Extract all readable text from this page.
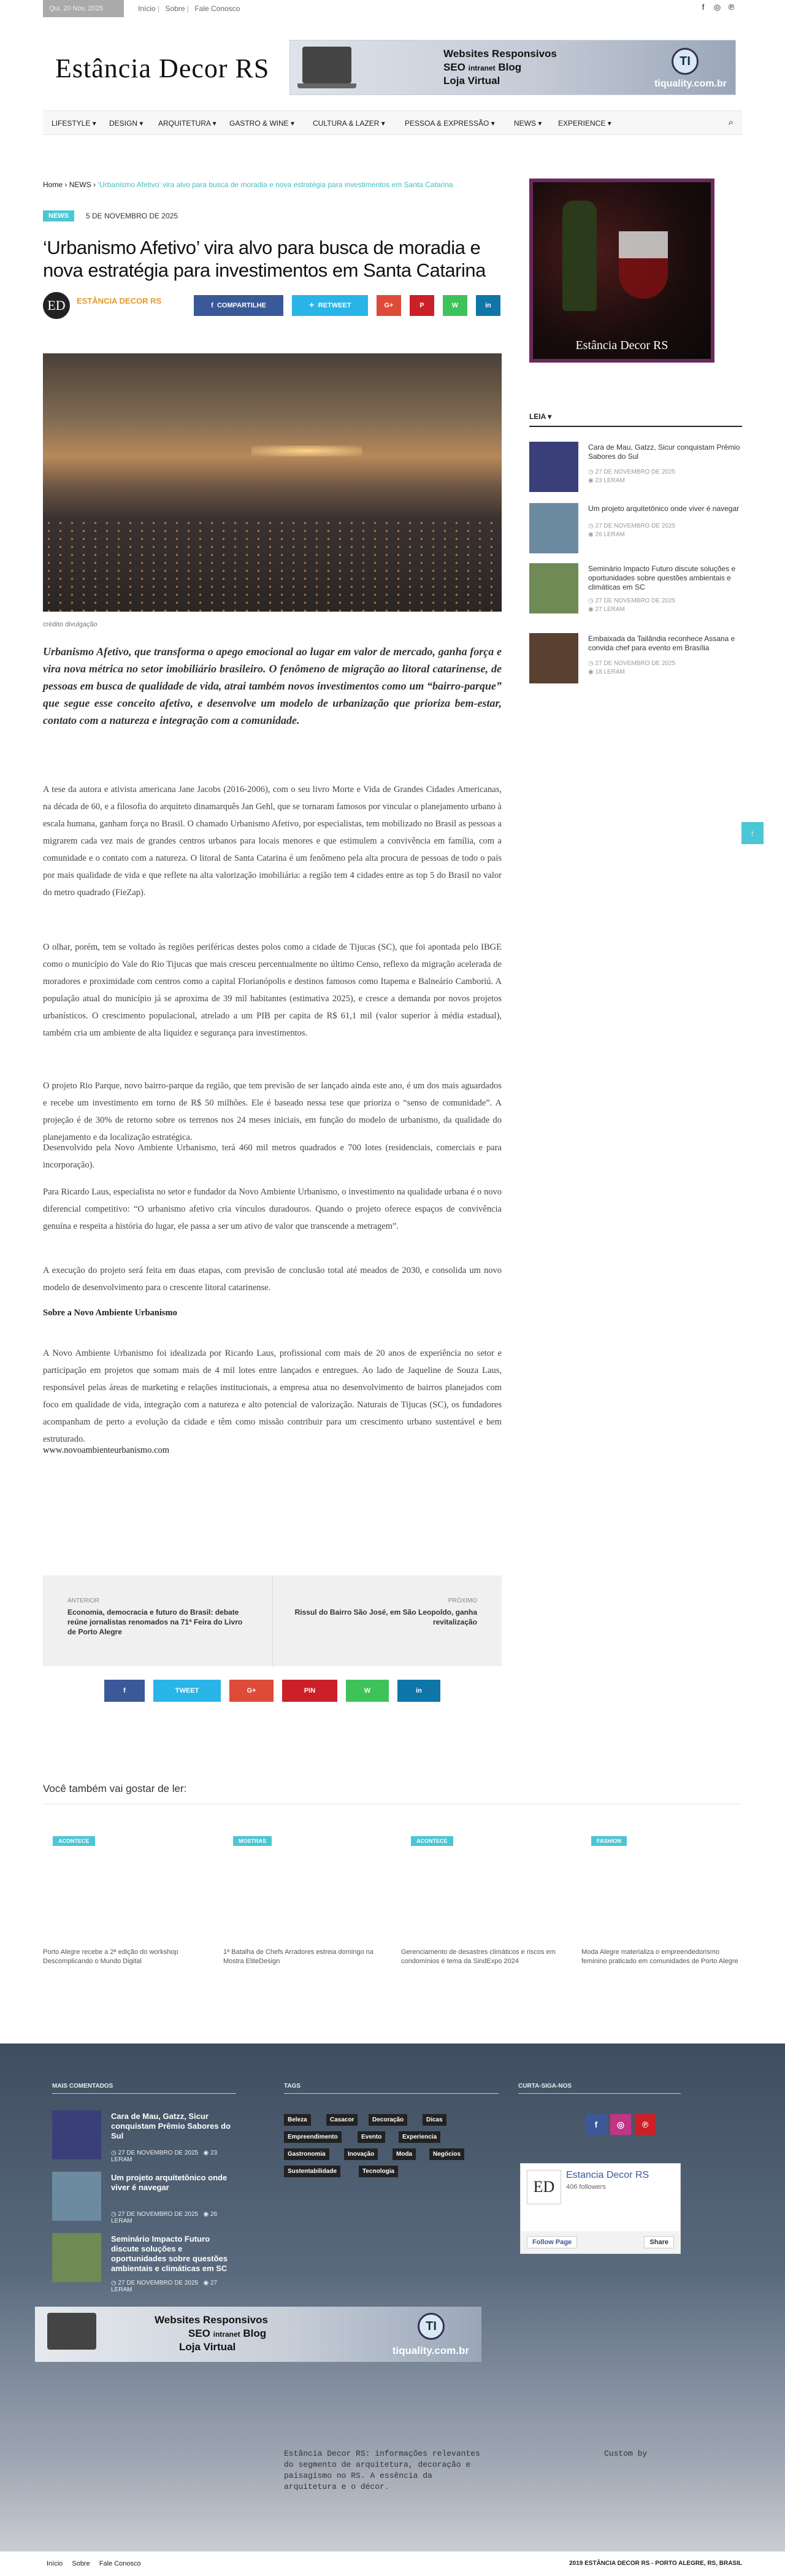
Qui, 20 Nov, 2025	Início | Sobre | Fale Conosco	f	◎ ℗
Estância Decor RS	Websites Responsivos
SEO intranet Blog
Loja Virtual
TI
tiquality.com.br
LIFESTYLE ▾ DESIGN ▾ ARQUITETURA ▾ GASTRO & WINE ▾ CULTURA & LAZER ▾	PESSOA & EXPRESSÃO ▾	NEWS ▾ EXPERIENCE ▾	⌕
Home › NEWS › ‘Urbanismo Afetivo’ vira alvo para busca de moradia e nova estratégia para investimentos em Santa Catarina
NEWS	5 DE NOVEMBRO DE 2025
‘Urbanismo Afetivo’ vira alvo para busca de moradia e nova estratégia para investimentos em Santa Catarina
ED	ESTÂNCIA DECOR RS	f  COMPARTILHE	✦  RETWEET	G+	P	W	in
crédito divulgação

Urbanismo Afetivo, que transforma o apego emocional ao lugar em valor de mercado, ganha força e vira nova métrica no setor imobiliário brasileiro. O fenômeno de migração ao litoral catarinense, de pessoas em busca de qualidade de vida, atrai também novos investimentos como um “bairro-parque” que segue esse conceito afetivo, e desenvolve um modelo de urbanização que prioriza bem-estar, contato com a natureza e integração com a comunidade.

A tese da autora e ativista americana Jane Jacobs (2016-2006), com o seu livro Morte e Vida de Grandes Cidades Americanas, na década de 60, e a filosofia do arquiteto dinamarquês Jan Gehl, que se tornaram famosos por vincular o planejamento urbano à escala humana, ganham força no Brasil. O chamado Urbanismo Afetivo, por especialistas, tem mobilizado no Brasil as pessoas a migrarem cada vez mais de grandes centros urbanos para locais menores e que estimulem a convivência em família, com a comunidade e o contato com a natureza. O litoral de Santa Catarina é um fenômeno pela alta procura de pessoas de todo o país por mais qualidade de vida e que reflete na alta valorização imobiliária: a região tem 4 cidades entre as top 5 do Brasil no valor do metro quadrado (FieZap).

O olhar, porém, tem se voltado às regiões periféricas destes polos como a cidade de Tijucas (SC), que foi apontada pelo IBGE como o município do Vale do Rio Tijucas que mais cresceu percentualmente no último Censo, reflexo da migração acelerada de moradores e proximidade com centros como a capital Florianópolis e destinos famosos como Itapema e Balneário Camboriú. A população atual do município já se aproxima de 39 mil habitantes (estimativa 2025), e cresce a demanda por novos projetos urbanísticos. O crescimento populacional, atrelado a um PIB per capita de R$ 61,1 mil (valor superior à média estadual), também cria um ambiente de alta liquidez e segurança para investimentos.

O projeto Rio Parque, novo bairro-parque da região, que tem previsão de ser lançado ainda este ano, é um dos mais aguardados e recebe um investimento em torno de R$ 50 milhões. Ele é baseado nessa tese que prioriza o “senso de comunidade”. A projeção é de 30% de retorno sobre os terrenos nos 24 meses iniciais, em função do modelo de urbanismo, da qualidade do planejamento e da localização estratégica.

Desenvolvido pela Novo Ambiente Urbanismo, terá 460 mil metros quadrados e 700 lotes (residenciais, comerciais e para incorporação).

Para Ricardo Laus, especialista no setor e fundador da Novo Ambiente Urbanismo, o investimento na qualidade urbana é o novo diferencial competitivo: “O urbanismo afetivo cria vínculos duradouros. Quando o projeto oferece espaços de convivência genuína e respeita a história do lugar, ele passa a ser um ativo de valor que transcende a metragem”.

A execução do projeto será feita em duas etapas, com previsão de conclusão total até meados de 2030, e consolida um novo modelo de desenvolvimento para o crescente litoral catarinense.

Sobre a Novo Ambiente Urbanismo

A Novo Ambiente Urbanismo foi idealizada por Ricardo Laus, profissional com mais de 20 anos de experiência no setor e participação em projetos que somam mais de 4 mil lotes entre lançados e entregues. Ao lado de Jaqueline de Souza Laus, responsável pelas áreas de marketing e relações institucionais, a empresa atua no desenvolvimento de bairros planejados com foco em qualidade de vida, integração com a natureza e alto potencial de valorização. Naturais de Tijucas (SC), os fundadores acompanham de perto a evolução da cidade e têm como missão contribuir para um crescimento urbano sustentável e bem estruturado.

www.novoambienteurbanismo.com
ANTERIOR
Economia, democracia e futuro do Brasil: debate reúne jornalistas renomados na 71ª Feira do Livro de Porto Alegre
PRÓXIMO
Rissul do Bairro São José, em São Leopoldo, ganha revitalização
f	TWEET	G+	PIN	W	in
Estância Decor RS
LEIA ▾
Cara de Mau, Gatzz, Sicur conquistam Prêmio Sabores do Sul
◷ 27 DE NOVEMBRO DE 2025
◉ 23 LERAM
Um projeto arquitetônico onde viver é navegar
◷ 27 DE NOVEMBRO DE 2025
◉ 26 LERAM
Seminário Impacto Futuro discute soluções e oportunidades sobre questões ambientais e climáticas em SC
◷ 27 DE NOVEMBRO DE 2025
◉ 27 LERAM
Embaixada da Tailândia reconhece Assana e convida chef para evento em Brasília
◷ 27 DE NOVEMBRO DE 2025
◉ 18 LERAM
↑
Você também vai gostar de ler:
ACONTECE
Porto Alegre recebe a 2ª edição do workshop Descomplicando o Mundo Digital
MOSTRAS
1ª Batalha de Chefs Arradores estreia domingo na Mostra EliteDesign
ACONTECE
Gerenciamento de desastres climáticos e riscos em condomínios é tema da SindExpo 2024
FASHION
Moda Alegre materializa o empreendedorismo feminino praticado em comunidades de Porto Alegre
MAIS COMENTADOS	TAGS	CURTA-SIGA-NOS
Cara de Mau, Gatzz, Sicur conquistam Prêmio Sabores do Sul
◷ 27 DE NOVEMBRO DE 2025   ◉ 23 LERAM
Um projeto arquitetônico onde viver é navegar
◷ 27 DE NOVEMBRO DE 2025   ◉ 26 LERAM
Seminário Impacto Futuro discute soluções e oportunidades sobre questões ambientais e climáticas em SC
◷ 27 DE NOVEMBRO DE 2025   ◉ 27 LERAM
Beleza	Casacor	Decoração	Dicas
Empreendimento	Evento	Experiencia
Gastronomia	Inovação	Moda	Negócios
Sustentabilidade	Tecnologia
f	◎	℗
ED
Estancia Decor RS
406 followers
Follow Page	Share
Websites Responsivos
SEO intranet Blog
Loja Virtual
TI
tiquality.com.br
Estância Decor RS: informações relevantes do segmento de arquitetura, decoração e paisagismo no RS. A essência da arquitetura e o décor.
Custom by
Início Sobre Fale Conosco	2019 ESTÂNCIA DECOR RS - PORTO ALEGRE, RS, BRASIL
